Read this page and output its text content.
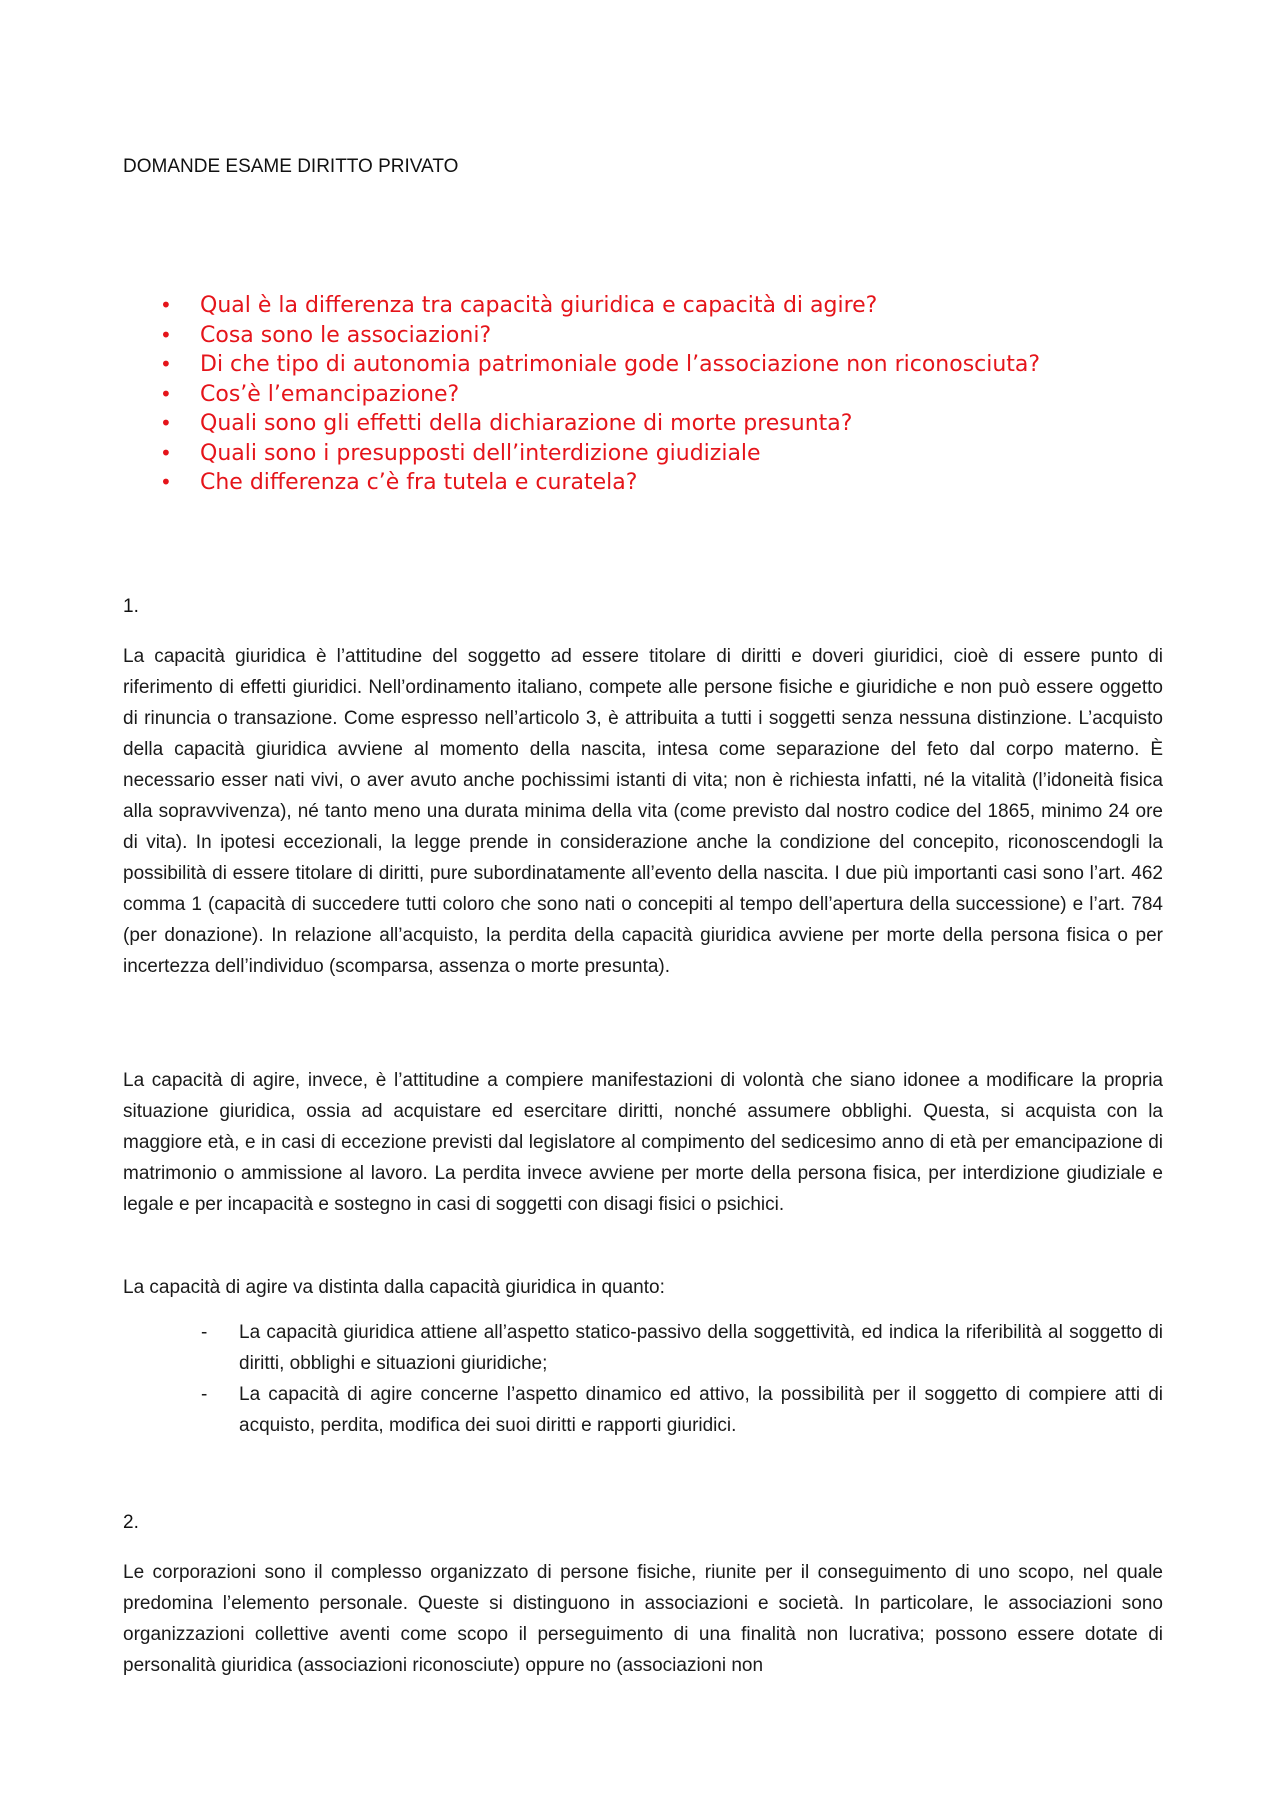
DOMANDE ESAME DIRITTO PRIVATO
• Qual è la differenza tra capacità giuridica e capacità di agire?
• Cosa sono le associazioni?
• Di che tipo di autonomia patrimoniale gode l’associazione non riconosciuta?
• Cos’è l’emancipazione?
• Quali sono gli effetti della dichiarazione di morte presunta?
• Quali sono i presupposti dell’interdizione giudiziale
• Che differenza c’è fra tutela e curatela?

1.

La capacità giuridica è l’attitudine del soggetto ad essere titolare di diritti e doveri giuridici, cioè di essere punto di riferimento di effetti giuridici. Nell’ordinamento italiano, compete alle persone fisiche e giuridiche e non può essere oggetto di rinuncia o transazione. Come espresso nell’articolo 3, è attribuita a tutti i soggetti senza nessuna distinzione. L’acquisto della capacità giuridica avviene al momento della nascita, intesa come separazione del feto dal corpo materno. È necessario esser nati vivi, o aver avuto anche pochissimi istanti di vita; non è richiesta infatti, né la vitalità (l’idoneità fisica alla sopravvivenza), né tanto meno una durata minima della vita (come previsto dal nostro codice del 1865, minimo 24 ore di vita). In ipotesi eccezionali, la legge prende in considerazione anche la condizione del concepito, riconoscendogli la possibilità di essere titolare di diritti, pure subordinatamente all’evento della nascita. I due più importanti casi sono l’art. 462 comma 1 (capacità di succedere tutti coloro che sono nati o concepiti al tempo dell’apertura della successione) e l’art. 784 (per donazione). In relazione all’acquisto, la perdita della capacità giuridica avviene per morte della persona fisica o per incertezza dell’individuo (scomparsa, assenza o morte presunta).

La capacità di agire, invece, è l’attitudine a compiere manifestazioni di volontà che siano idonee a modificare la propria situazione giuridica, ossia ad acquistare ed esercitare diritti, nonché assumere obblighi. Questa, si acquista con la maggiore età, e in casi di eccezione previsti dal legislatore al compimento del sedicesimo anno di età per emancipazione di matrimonio o ammissione al lavoro. La perdita invece avviene per morte della persona fisica, per interdizione giudiziale e legale e per incapacità e sostegno in casi di soggetti con disagi fisici o psichici.

La capacità di agire va distinta dalla capacità giuridica in quanto:

- La capacità giuridica attiene all’aspetto statico-passivo della soggettività, ed indica la riferibilità al soggetto di diritti, obblighi e situazioni giuridiche;
- La capacità di agire concerne l’aspetto dinamico ed attivo, la possibilità per il soggetto di compiere atti di acquisto, perdita, modifica dei suoi diritti e rapporti giuridici.

2.

Le corporazioni sono il complesso organizzato di persone fisiche, riunite per il conseguimento di uno scopo, nel quale predomina l’elemento personale. Queste si distinguono in associazioni e società. In particolare, le associazioni sono organizzazioni collettive aventi come scopo il perseguimento di una finalità non lucrativa; possono essere dotate di personalità giuridica (associazioni riconosciute) oppure no (associazioni non
